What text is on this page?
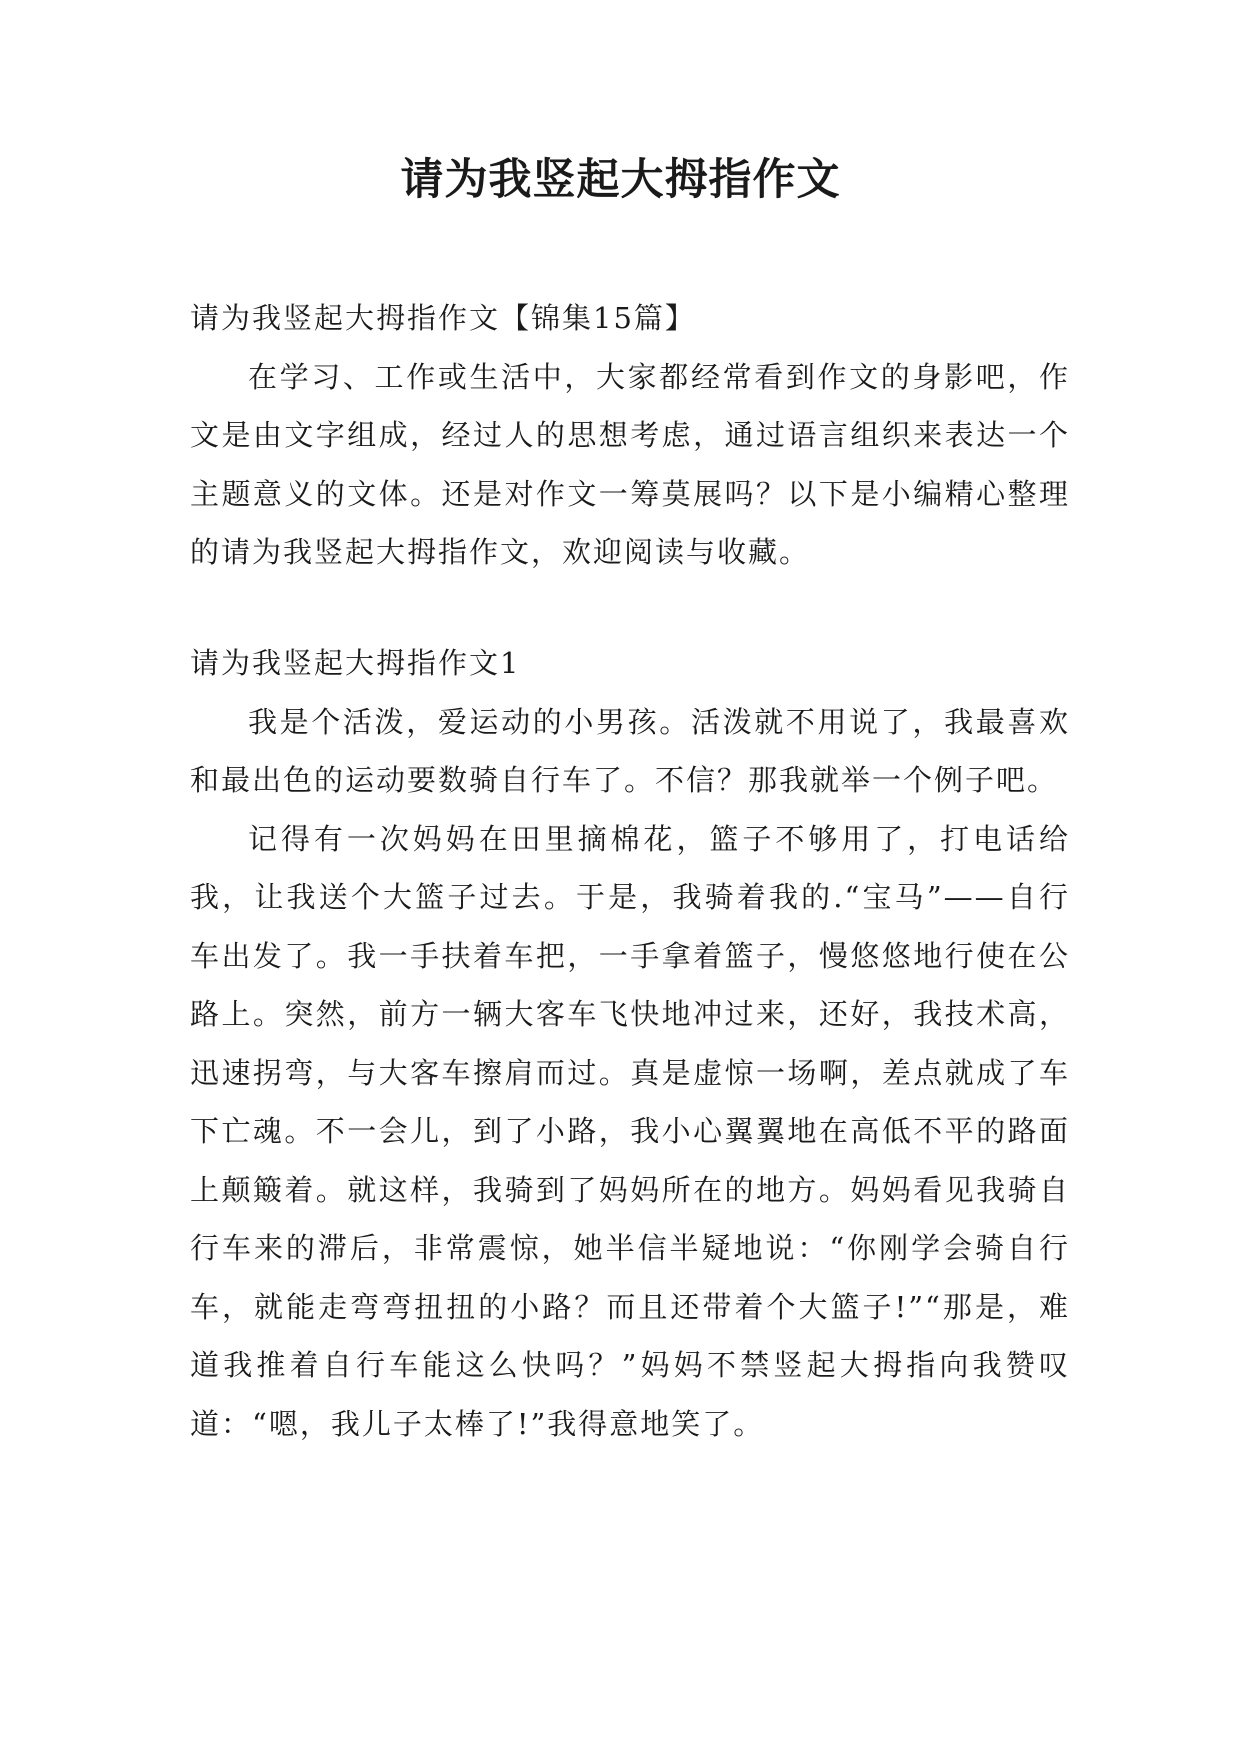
请为我竖起大拇指作文
请为我竖起大拇指作文【锦集15篇】

在学习、工作或生活中，大家都经常看到作文的身影吧，作文是由文字组成，经过人的思想考虑，通过语言组织来表达一个主题意义的文体。还是对作文一筹莫展吗？以下是小编精心整理的请为我竖起大拇指作文，欢迎阅读与收藏。

请为我竖起大拇指作文1

我是个活泼，爱运动的小男孩。活泼就不用说了，我最喜欢和最出色的运动要数骑自行车了。不信？那我就举一个例子吧。

记得有一次妈妈在田里摘棉花，篮子不够用了，打电话给我，让我送个大篮子过去。于是，我骑着我的.“宝马”——自行车出发了。我一手扶着车把，一手拿着篮子，慢悠悠地行使在公路上。突然，前方一辆大客车飞快地冲过来，还好，我技术高，迅速拐弯，与大客车擦肩而过。真是虚惊一场啊，差点就成了车下亡魂。不一会儿，到了小路，我小心翼翼地在高低不平的路面上颠簸着。就这样，我骑到了妈妈所在的地方。妈妈看见我骑自行车来的滞后，非常震惊，她半信半疑地说：“你刚学会骑自行车，就能走弯弯扭扭的小路？而且还带着个大篮子!”“那是，难道我推着自行车能这么快吗？”妈妈不禁竖起大拇指向我赞叹道：“嗯，我儿子太棒了!”我得意地笑了。
